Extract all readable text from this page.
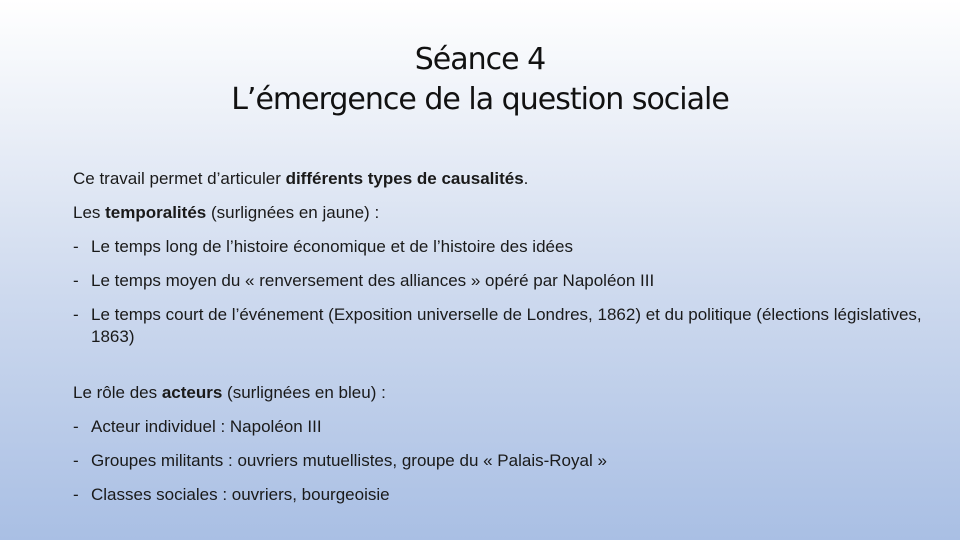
Séance 4
L’émergence de la question sociale

Ce travail permet d’articuler différents types de causalités.

Les temporalités (surlignées en jaune) :

- Le temps long de l’histoire économique et de l’histoire des idées
- Le temps moyen du « renversement des alliances » opéré par Napoléon III
- Le temps court de l’événement (Exposition universelle de Londres, 1862) et du politique (élections législatives, 1863)

Le rôle des acteurs (surlignées en bleu) :

- Acteur individuel : Napoléon III
- Groupes militants : ouvriers mutuellistes, groupe du « Palais-Royal »
- Classes sociales : ouvriers, bourgeoisie
